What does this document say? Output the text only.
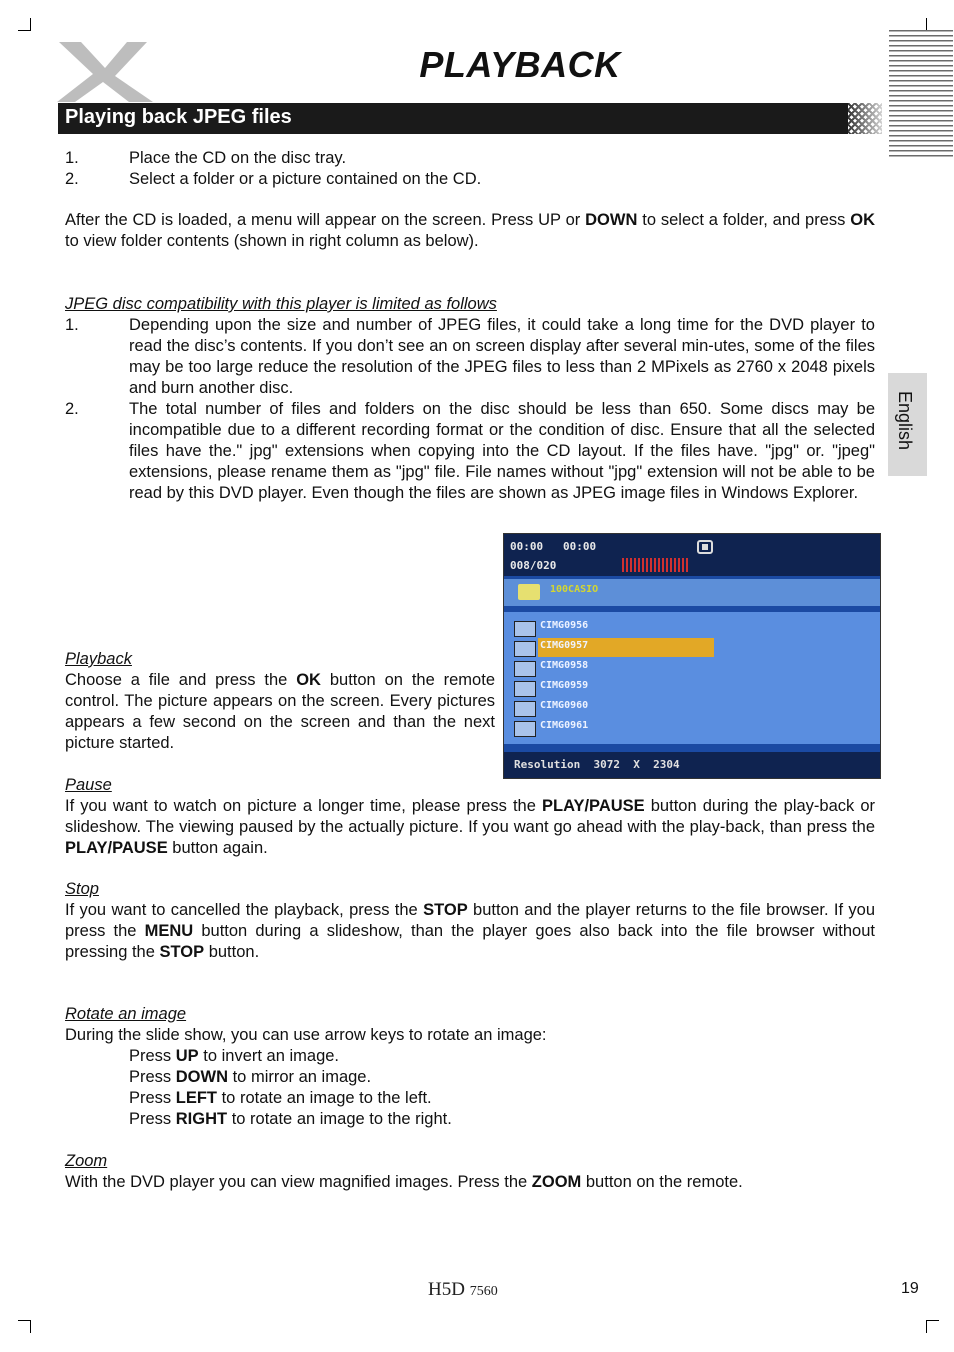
PLAYBACK
Playing back JPEG files
English
1.	Place the CD on the disc tray.
2.	Select a folder or a picture contained on the CD.
After the CD is loaded, a menu will appear on the screen. Press UP or DOWN to select a folder, and press OK to view folder contents (shown in right column as below).
JPEG disc compatibility with this player is limited as follows
1.	Depending upon the size and number of JPEG files, it could take a long time for the DVD player to read the disc’s contents. If you don’t see an on screen display after several min-utes, some of the files may be too large reduce the resolution of the JPEG files to less than 2 MPixels as 2760 x 2048 pixels and burn another disc.
2.	The total number of files and folders on the disc should be less than 650. Some discs may be incompatible due to a different recording format or the condition of disc. Ensure that all the selected files have the." jpg" extensions when copying into the CD layout. If the files have. "jpg" or. "jpeg" extensions, please rename them as "jpg" file. File names without "jpg" extension will not be able to be read by this DVD player. Even though the files are shown as JPEG image files in Windows Explorer.
00:00   00:00
008/020
100CASIO
CIMG0956
CIMG0957
CIMG0958
CIMG0959
CIMG0960
CIMG0961
Resolution  3072  X  2304
Playback
Choose a file and press the OK button on the remote control. The picture appears on the screen. Every pictures appears a few second on the screen and than the next picture started.
Pause
If you want to watch on picture a longer time, please press the PLAY/PAUSE button during the play-back or slideshow. The viewing paused by the actually picture. If you want go ahead with the play-back, than press the PLAY/PAUSE button again.
Stop
If you want to cancelled the playback, press the STOP button and the player returns to the file browser. If you press the MENU button during a slideshow, than the player goes also back into the file browser without pressing the STOP button.
Rotate an image
During the slide show, you can use arrow keys to rotate an image:
Press UP to invert an image.
Press DOWN to mirror an image.
Press LEFT to rotate an image to the left.
Press RIGHT to rotate an image to the right.
Zoom
With the DVD player you can view magnified images. Press the ZOOM button on the remote.
H5D 7560	19
